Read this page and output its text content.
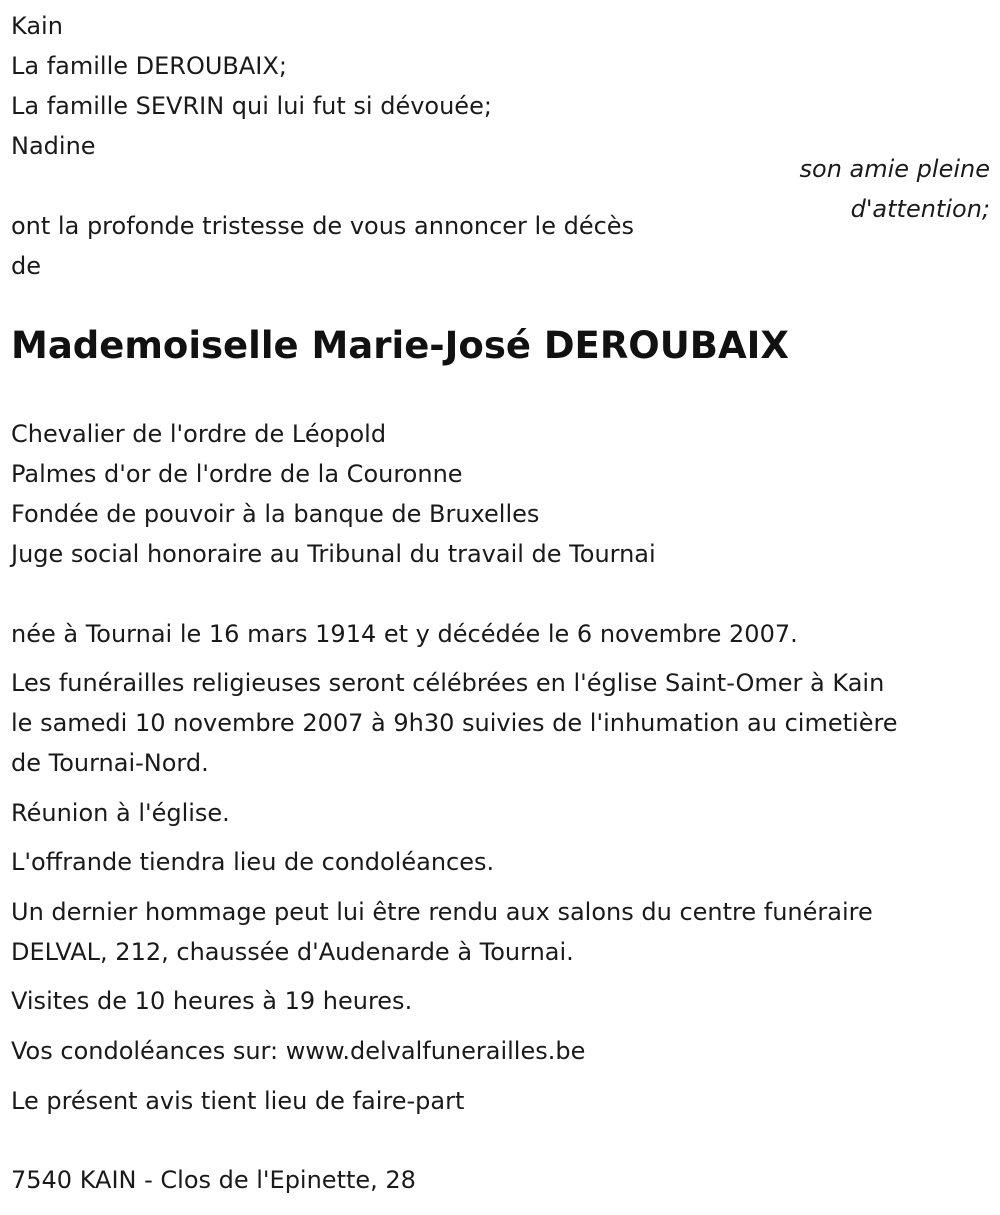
Kain
La famille DEROUBAIX;
La famille SEVRIN qui lui fut si dévouée;
Nadine
son amie pleine
d'attention;
ont la profonde tristesse de vous annoncer le décès
de
Mademoiselle Marie-José DEROUBAIX
Chevalier de l'ordre de Léopold
Palmes d'or de l'ordre de la Couronne
Fondée de pouvoir à la banque de Bruxelles
Juge social honoraire au Tribunal du travail de Tournai
née à Tournai le 16 mars 1914 et y décédée le 6 novembre 2007.
Les funérailles religieuses seront célébrées en l'église Saint-Omer à Kain
le samedi 10 novembre 2007 à 9h30 suivies de l'inhumation au cimetière
de Tournai-Nord.
Réunion à l'église.
L'offrande tiendra lieu de condoléances.
Un dernier hommage peut lui être rendu aux salons du centre funéraire
DELVAL, 212, chaussée d'Audenarde à Tournai.
Visites de 10 heures à 19 heures.
Vos condoléances sur: www.delvalfunerailles.be
Le présent avis tient lieu de faire-part
7540 KAIN - Clos de l'Epinette, 28
